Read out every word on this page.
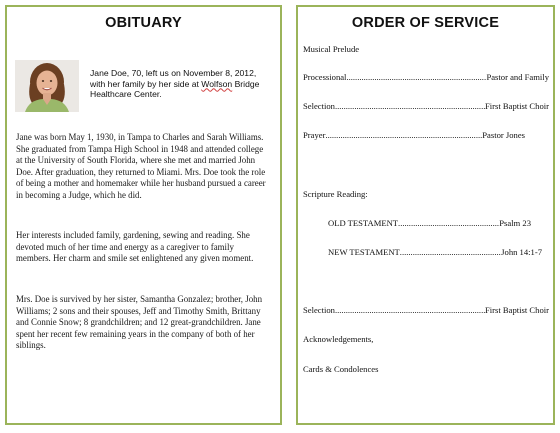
OBITUARY
Jane Doe, 70, left us on November 8, 2012, with her family by her side at Wolfson Bridge Healthcare Center.

Jane was born May 1, 1930, in Tampa to Charles and Sarah Williams. She graduated from Tampa High School in 1948 and attended college at the University of South Florida, where she met and married John Doe. After graduation, they returned to Miami. Mrs. Doe took the role of being a mother and homemaker while her husband pursued a career in becoming a Judge, which he did.

Her interests included family, gardening, sewing and reading. She devoted much of her time and energy as a caregiver to family members. Her charm and smile set enlightened any given moment.

Mrs. Doe is survived by her sister, Samantha Gonzalez; brother, John Williams; 2 sons and their spouses, Jeff and Timothy Smith, Brittany and Connie Snow; 8 grandchildren; and 12 great-grandchildren. Jane spent her recent few remaining years in the company of both of her siblings.

ORDER OF SERVICE
Musical Prelude
Processional .....	Pastor and Family
Selection .....	First Baptist Choir
Prayer .....	Pastor Jones
Scripture Reading:
OLD TESTAMENT .....	Psalm 23
NEW TESTAMENT .....	John 14:1-7
Selection .....	First Baptist Choir
Acknowledgements,
Cards & Condolences
